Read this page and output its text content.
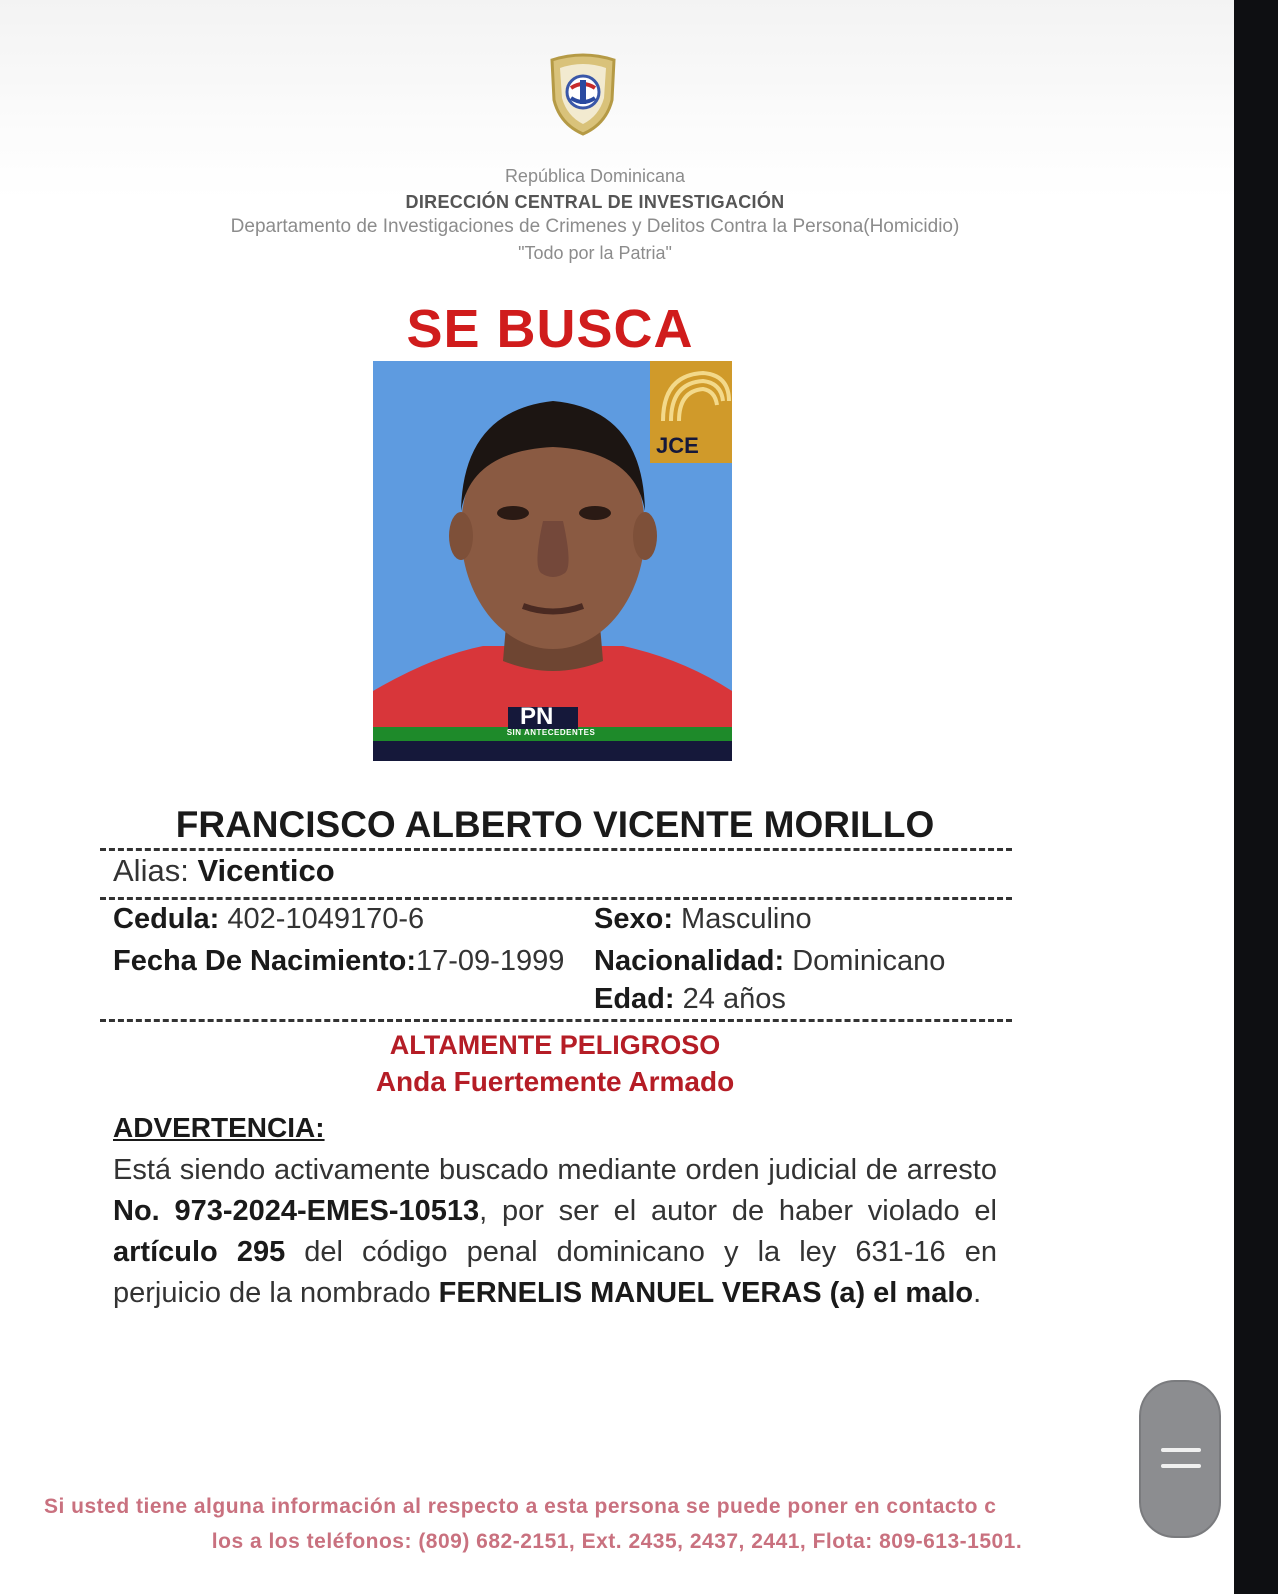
República Dominicana
DIRECCIÓN CENTRAL DE INVESTIGACIÓN
Departamento de Investigaciones de Crimenes y Delitos Contra la Persona(Homicidio)
"Todo por la Patria"
SE BUSCA
JCE
PN
SIN ANTECEDENTES
FRANCISCO ALBERTO VICENTE MORILLO
Alias: Vicentico
Cedula: 402-1049170-6	Sexo: Masculino
Fecha De Nacimiento:17-09-1999 Nacionalidad: Dominicano
Edad: 24 años
ALTAMENTE PELIGROSO
Anda Fuertemente Armado
ADVERTENCIA:
Está siendo activamente buscado mediante orden judicial de arresto No. 973-2024-EMES-10513, por ser el autor de haber violado el artículo 295 del código penal dominicano y la ley 631-16 en perjuicio de la nombrado FERNELIS MANUEL VERAS (a) el malo.
Si usted tiene alguna información al respecto a esta persona se puede poner en contacto c
los a los teléfonos: (809) 682-2151, Ext. 2435, 2437, 2441, Flota: 809-613-1501.
